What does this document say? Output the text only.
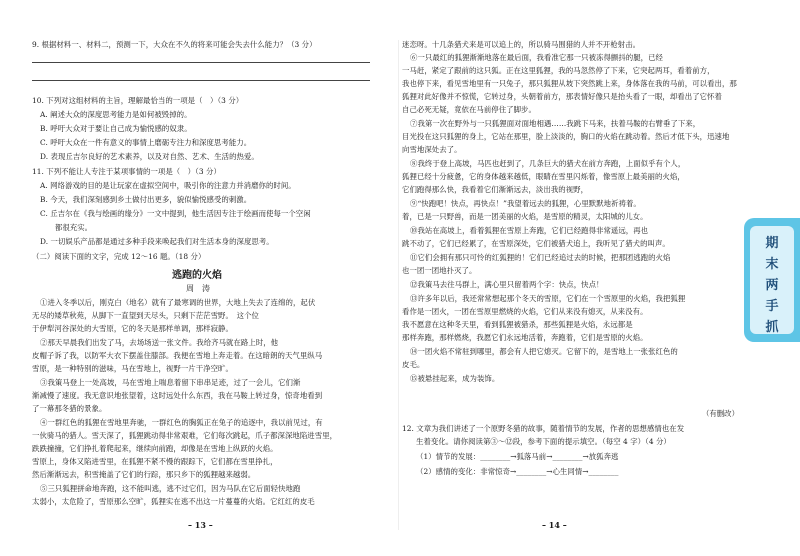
9. 根据材料一、材料二，预测一下，大众在不久的将来可能会失去什么能力？（3 分）
10. 下列对这组材料的主旨，理解最恰当的一项是（　）（3 分）
A. 阐述大众的深度思考能力是如何被毁掉的。
B. 呼吁大众对于要让自己成为愉悦感的奴隶。
C. 呼吁大众在一件有意义的事情上磨砺专注力和深度思考能力。
D. 表现丘吉尔良好的艺术素养，以及对自然、艺术、生活的热爱。
11. 下列不能让人专注于某项事情的一项是（　）（3 分）
A. 网络游戏的目的是让玩家在虚拟空间中，吸引你的注意力并消磨你的时间。
B. 今天，我们深刻感到乡土做付出更多，貌似愉悦感受的刺激。
C. 丘吉尔在《我与绘画的缘分》一文中提到，他生活因专注于绘画而使每一个空闲
　　都很充实。
D. 一切娱乐产品都是通过多种手段来唤起我们对生活本身的深度思考。
（二）阅读下面的文字，完成 12～16 题。（18 分）
逃跑的火焰
周　涛
①进入冬季以后，刚克白（地名）就有了最寒调的世界，大地上失去了连绵的，起伏
无尽的矮草秋苑，从脚下一直望到天尽头，只剩下茫茫雪野。　这个位
于伊犁河谷深处的大雪原，它的冬天是那样单调，那样寂静。
②那天早晨我们出发了马，去场场送一张文件。我给齐马就在路上时，他
皮帽子诉了我，以防军大衣下摆盖住膝部。我便在雪地上奔走着。在这暗朗的天气里纵马
雪原，是一种特别的滋味，马在雪地上，视野一片干净空旷。
③我策马登上一处高坡，马在雪地上喘息着留下串串足迹，过了一会儿，它们渐
渐减慢了速度。我无意识地张望着，这时远处什么东西，我在马鞍上转过身，惊奇地看到
了一幕那冬猎的景象。
④一群红色的狐狸在雪地里奔驰，一群红色的胸狐正在兔子的追逐中，我以前见过，有
一伙骑马的猎人。雪天深了，狐狸跳动得非常艰难，它们每次跳起，爪子都深深地陷进雪里，
跌跌撞撞，它们挣扎着爬起来，继续向前跑，却像是在雪地上纵跃的火焰。
雪原上，身体又陷进雪里，在狐狸不紧不慢的跟踪下，它们都在雪里挣扎，
然后渐渐远去，积雪掩盖了它们的行踪，那只乡下的狐狸越来越弱。
⑤三只狐狸拼命地奔跑，这不能叫逃，逃不过它们，因为马队在它后面轻快地跑
太弱小，太危险了，雪原那么空旷，狐狸实在逃不出这一片蔓蔓的火焰。它红红的皮毛
– 13 –
迷恋呀。十几条猎犬来是可以追上的，所以骑马围猎的人并不开枪射击。
⑥一只最红的狐狸渐渐地落在最后面，我看准它那一只被冻得颤抖的腿，已经
一马赶，紧定了跟前的这只狐。正在这里狐狸，我的马忽然停了下来，它突起两耳，看着前方，
我也停下来，看见雪地里有一只兔子，那只狐狸从坡下突然跳上来，身体落在我的马前，可以看出，那
狐狸对此好像并不惊慌，它转过身，头朝着前方，那表情好像只是抬头看了一眼，却看出了它怀着
自己必死无疑，竟依在马前停住了脚步。
⑦我第一次在野外与一只狐狸面对面地相遇……我跳下马来，扶着马鞍的右臂垂了下来，
目光投在这只狐狸的身上，它站在那里，脸上淡淡的，胸口的火焰在跳动着。然后才低下头，迅速地
向雪地深处去了。
⑧我终于登上高坡，马匹也赶到了，几条巨大的猎犬在前方奔跑，上面似乎有个人，
狐狸已经十分疲惫，它的身体越来越低，眼睛在雪里闪烁着，像雪原上最美丽的火焰，
它们跑得那么快，我看着它们渐渐远去，淡出我的视野，
⑨“快跑吧！快点，再快点！”我望着远去的狐狸，心里默默地祈祷着。
着，已是一只野兽，而是一团美丽的火焰，是雪原的精灵，太阳城的儿女。
⑩我站在高坡上，看着狐狸在雪原上奔跑，它们已经跑得非常遥远，再也
跳不动了，它们已经累了，在雪原深处，它们被猎犬追上，我听见了猎犬的叫声。
⑪它们会拥有那只可怜的红狐狸的！它们已经追过去的时候，把那团逃跑的火焰
也一团一团地扑灭了。
⑫我策马去往马群上，满心里只留着两个字：快点，快点！
⑬许多年以后，我还常常想起那个冬天的雪原，它们在一个雪原里的火焰，我把狐狸
看作是一团火，一团在雪原里燃烧的火焰，它们从来没有熄灭，从来没有。
我不愿意在这种冬天里，看到狐狸被猎杀，那些狐狸是火焰，永远都是
那样奔跑，那样燃烧，我愿它们永远地活着，奔跑着，它们是雪原的火焰。
⑭一团火焰不常驻到哪里，都会有人把它熄灭。它留下的，是雪地上一张张红色的
皮毛。
⑮被悬挂起来，成为装饰。
（有删改）
12. 文章为我们讲述了一个原野冬猎的故事，随着情节的发展，作者的思想感情也在发
生着变化。请你阅读第③～⑫段，参考下面的提示填空。（每空 4 字）（4 分）
（1）情节的发展：________→狐落马前→________→放狐奔逃
（2）感情的变化：非常惊奇→________→心生同情→________
– 14 –
期
末
两
手
抓
